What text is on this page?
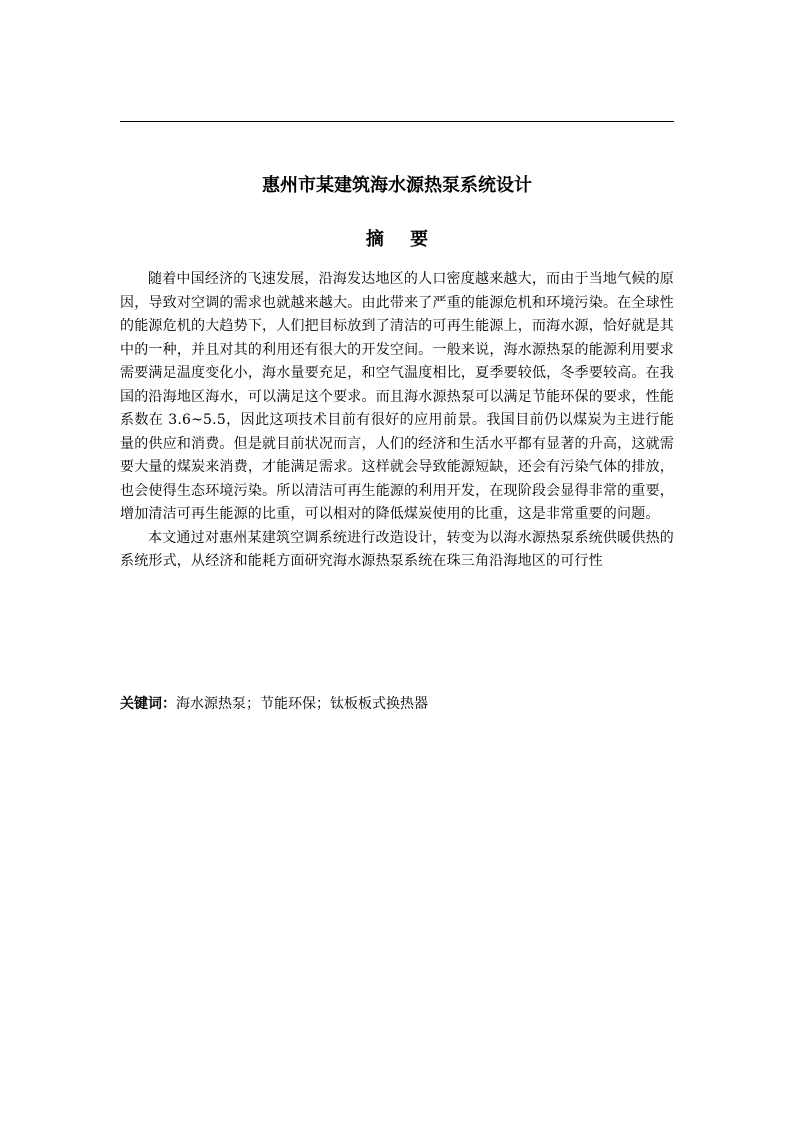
惠州市某建筑海水源热泵系统设计
摘 要

随着中国经济的飞速发展，沿海发达地区的人口密度越来越大，而由于当地气候的原因，导致对空调的需求也就越来越大。由此带来了严重的能源危机和环境污染。在全球性的能源危机的大趋势下，人们把目标放到了清洁的可再生能源上，而海水源，恰好就是其中的一种，并且对其的利用还有很大的开发空间。一般来说，海水源热泵的能源利用要求需要满足温度变化小，海水量要充足，和空气温度相比，夏季要较低，冬季要较高。在我国的沿海地区海水，可以满足这个要求。而且海水源热泵可以满足节能环保的要求，性能系数在 3.6~5.5，因此这项技术目前有很好的应用前景。我国目前仍以煤炭为主进行能量的供应和消费。但是就目前状况而言，人们的经济和生活水平都有显著的升高，这就需要大量的煤炭来消费，才能满足需求。这样就会导致能源短缺，还会有污染气体的排放，也会使得生态环境污染。所以清洁可再生能源的利用开发，在现阶段会显得非常的重要，增加清洁可再生能源的比重，可以相对的降低煤炭使用的比重，这是非常重要的问题。

本文通过对惠州某建筑空调系统进行改造设计，转变为以海水源热泵系统供暖供热的系统形式，从经济和能耗方面研究海水源热泵系统在珠三角沿海地区的可行性

关键词：海水源热泵；节能环保；钛板板式换热器
